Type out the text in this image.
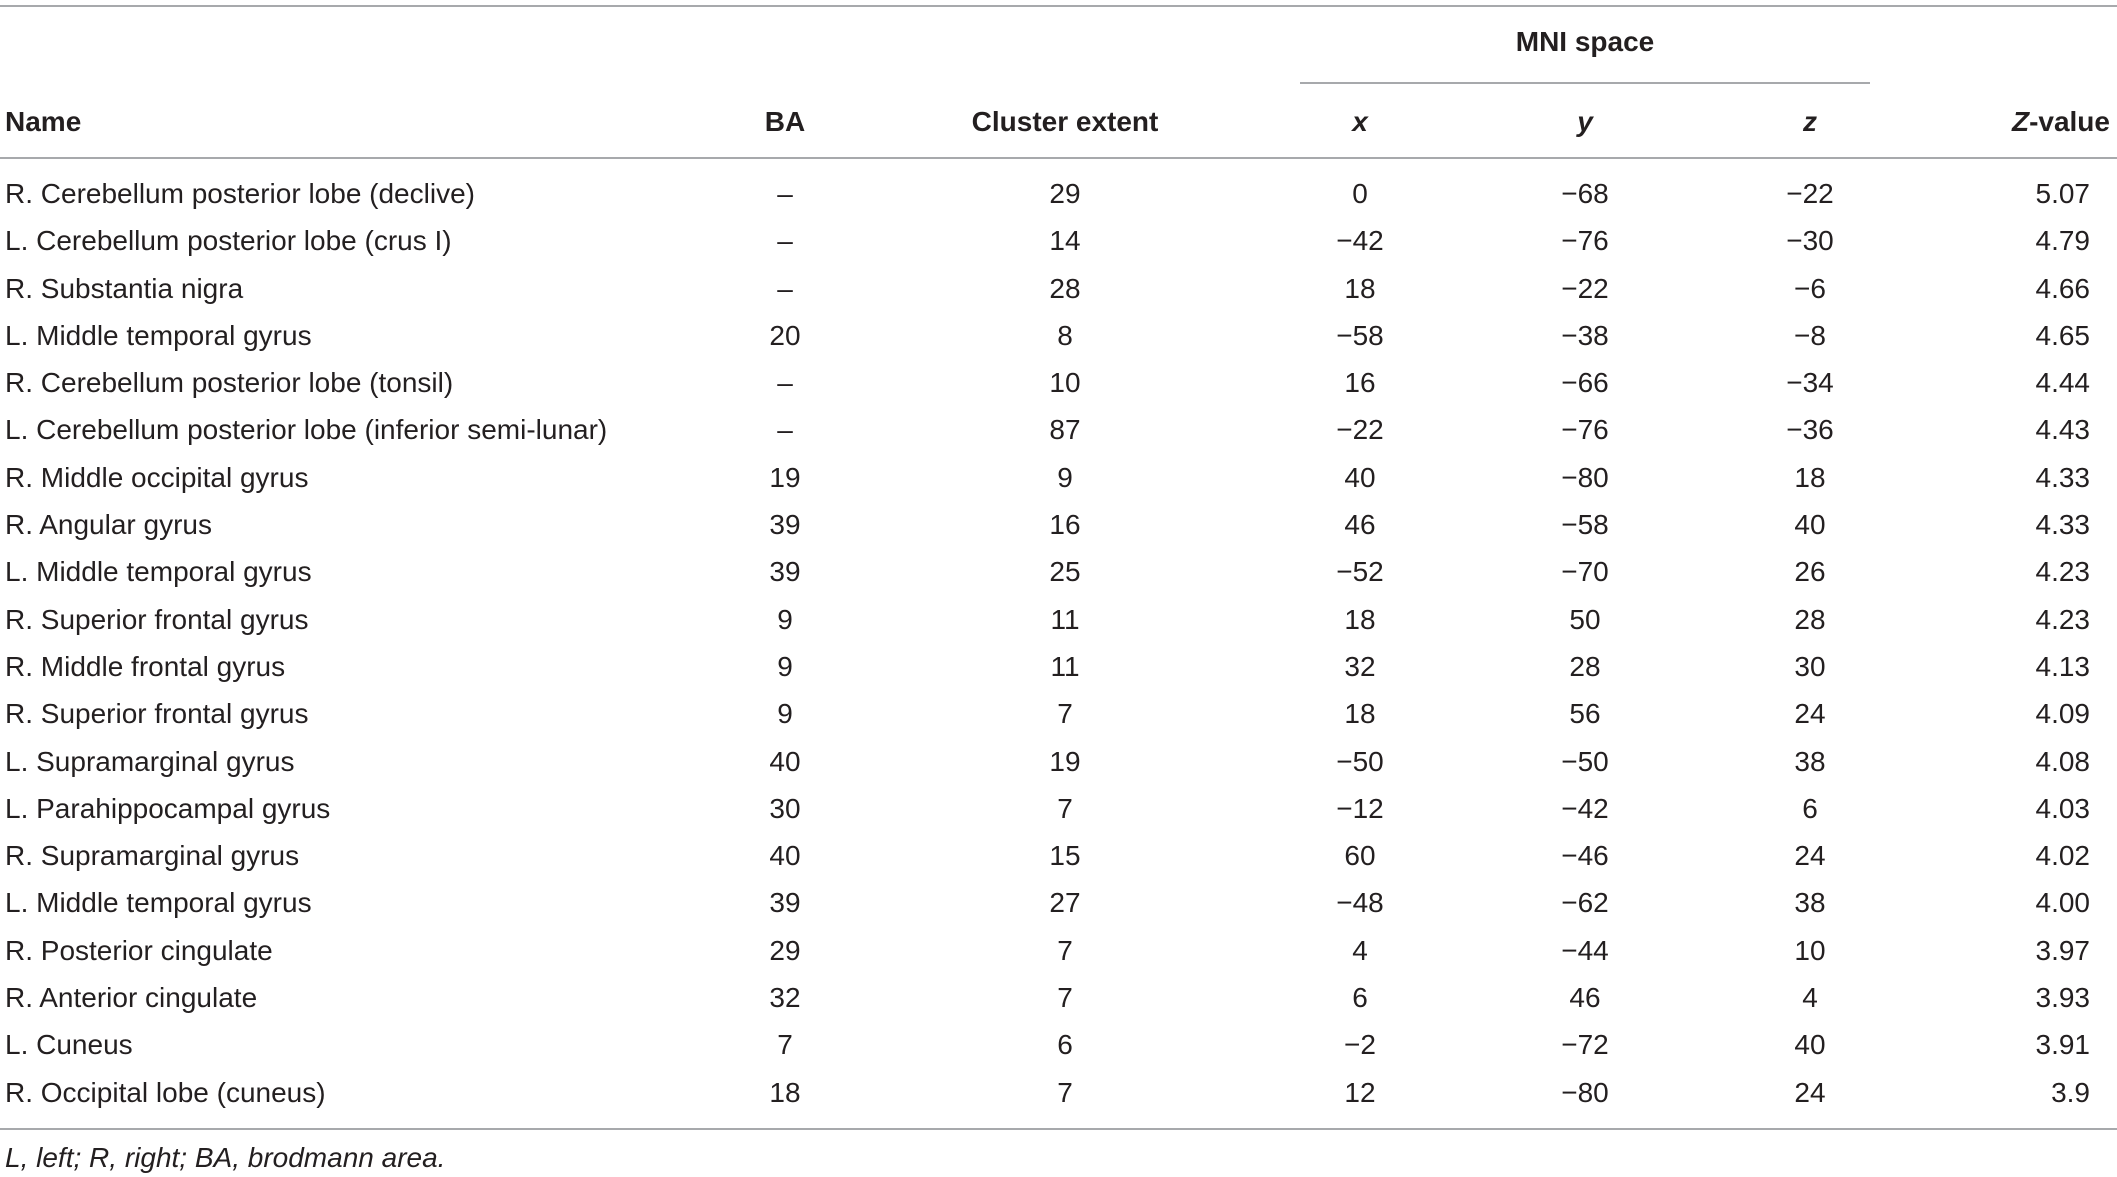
MNI space
Name	BA	Cluster extent	x	y	z	Z-value
R. Cerebellum posterior lobe (declive)	–	29	0	−68	−22	5.07
L. Cerebellum posterior lobe (crus I)	–	14	−42	−76	−30	4.79
R. Substantia nigra	–	28	18	−22	−6	4.66
L. Middle temporal gyrus	20	8	−58	−38	−8	4.65
R. Cerebellum posterior lobe (tonsil)	–	10	16	−66	−34	4.44
L. Cerebellum posterior lobe (inferior semi-lunar)	–	87	−22	−76	−36	4.43
R. Middle occipital gyrus	19	9	40	−80	18	4.33
R. Angular gyrus	39	16	46	−58	40	4.33
L. Middle temporal gyrus	39	25	−52	−70	26	4.23
R. Superior frontal gyrus	9	11	18	50	28	4.23
R. Middle frontal gyrus	9	11	32	28	30	4.13
R. Superior frontal gyrus	9	7	18	56	24	4.09
L. Supramarginal gyrus	40	19	−50	−50	38	4.08
L. Parahippocampal gyrus	30	7	−12	−42	6	4.03
R. Supramarginal gyrus	40	15	60	−46	24	4.02
L. Middle temporal gyrus	39	27	−48	−62	38	4.00
R. Posterior cingulate	29	7	4	−44	10	3.97
R. Anterior cingulate	32	7	6	46	4	3.93
L. Cuneus	7	6	−2	−72	40	3.91
R. Occipital lobe (cuneus)	18	7	12	−80	24	3.9
L, left; R, right; BA, brodmann area.
